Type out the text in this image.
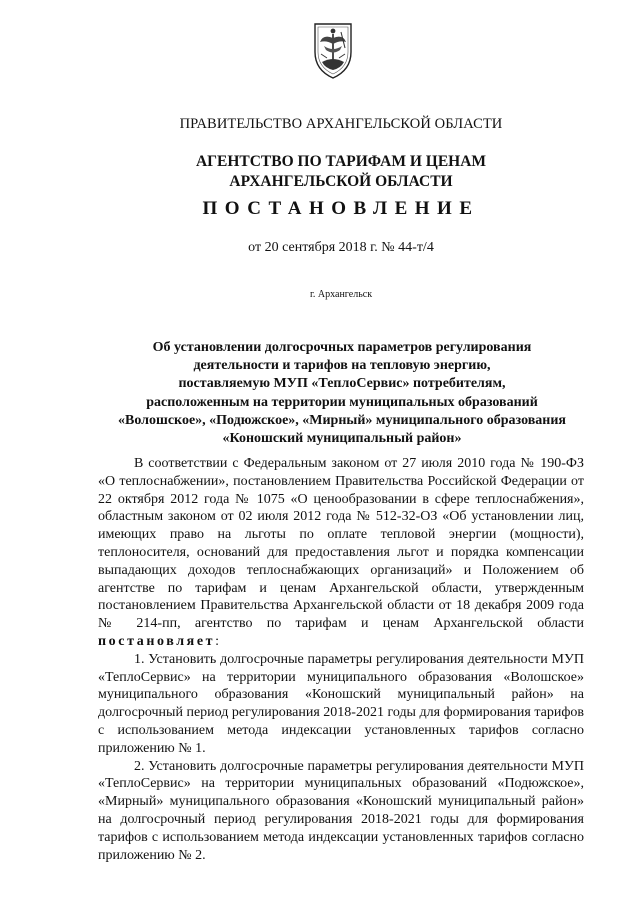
ПРАВИТЕЛЬСТВО АРХАНГЕЛЬСКОЙ ОБЛАСТИ
АГЕНТСТВО ПО ТАРИФАМ И ЦЕНАМ
АРХАНГЕЛЬСКОЙ ОБЛАСТИ
ПОСТАНОВЛЕНИЕ
от 20 сентября 2018 г. № 44-т/4
г. Архангельск
Об установлении долгосрочных параметров регулирования
деятельности и тарифов на тепловую энергию,
поставляемую МУП «ТеплоСервис» потребителям,
расположенным на территории муниципальных образований
«Волошское», «Подюжское», «Мирный» муниципального образования
«Коношский муниципальный район»

В соответствии с Федеральным законом от 27 июля 2010 года № 190-ФЗ «О теплоснабжении», постановлением Правительства Российской Федерации от 22 октября 2012 года № 1075 «О ценообразовании в сфере теплоснабжения», областным законом от 02 июля 2012 года № 512-32-ОЗ «Об установлении лиц, имеющих право на льготы по оплате тепловой энергии (мощности), теплоносителя, оснований для предоставления льгот и порядка компенсации выпадающих доходов теплоснабжающих организаций» и Положением об агентстве по тарифам и ценам Архангельской области, утвержденным постановлением Правительства Архангельской области от 18 декабря 2009 года № 214-пп, агентство по тарифам и ценам Архангельской области постановляет:

1. Установить долгосрочные параметры регулирования деятельности МУП «ТеплоСервис» на территории муниципального образования «Волошское» муниципального образования «Коношский муниципальный район» на долгосрочный период регулирования 2018-2021 годы для формирования тарифов с использованием метода индексации установленных тарифов согласно приложению № 1.

2. Установить долгосрочные параметры регулирования деятельности МУП «ТеплоСервис» на территории муниципальных образований «Подюжское», «Мирный» муниципального образования «Коношский муниципальный район» на долгосрочный период регулирования 2018-2021 годы для формирования тарифов с использованием метода индексации установленных тарифов согласно приложению № 2.
